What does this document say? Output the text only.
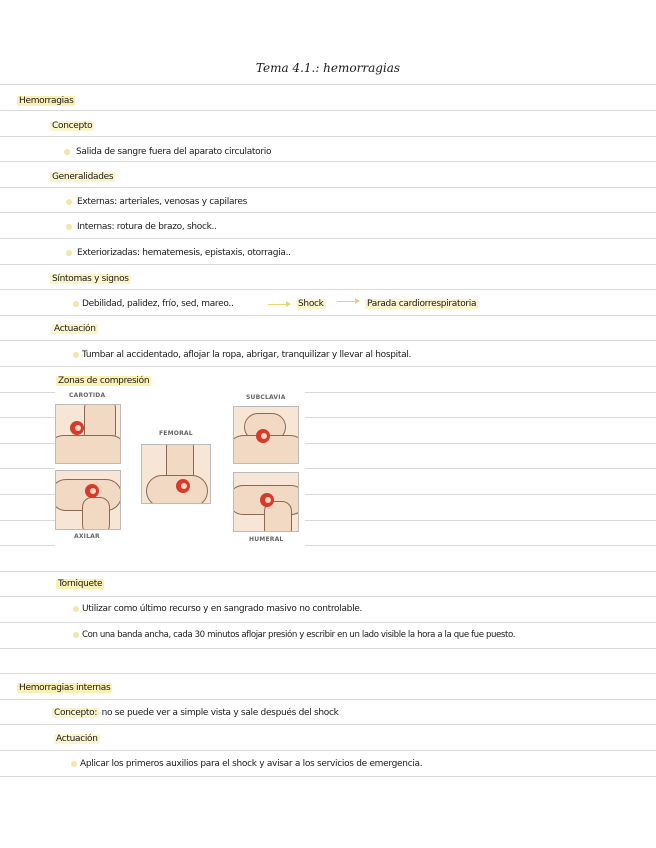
Tema 4.1.: hemorragias
Hemorragias
Concepto
Salida de sangre fuera del aparato circulatorio
Generalidades
Externas: arteriales, venosas y capilares
Internas: rotura de brazo, shock..
Exteriorizadas: hematemesis, epistaxis, otorragia..
Síntomas y signos
Debilidad, palidez, frío, sed, mareo..	Shock	Parada cardiorrespiratoria
Actuación
Tumbar al accidentado, aflojar la ropa, abrigar, tranquilizar y llevar al hospital.
Zonas de compresión
CAROTIDA	SUBCLAVIA
FEMORAL
AXILAR	HUMERAL
Torniquete
Utilizar como último recurso y en sangrado masivo no controlable.
Con una banda ancha, cada 30 minutos aflojar presión y escribir en un lado visible la hora a la que fue puesto.
Hemorragias internas
Concepto: no se puede ver a simple vista y sale después del shock
Actuación
Aplicar los primeros auxilios para el shock y avisar a los servicios de emergencia.
